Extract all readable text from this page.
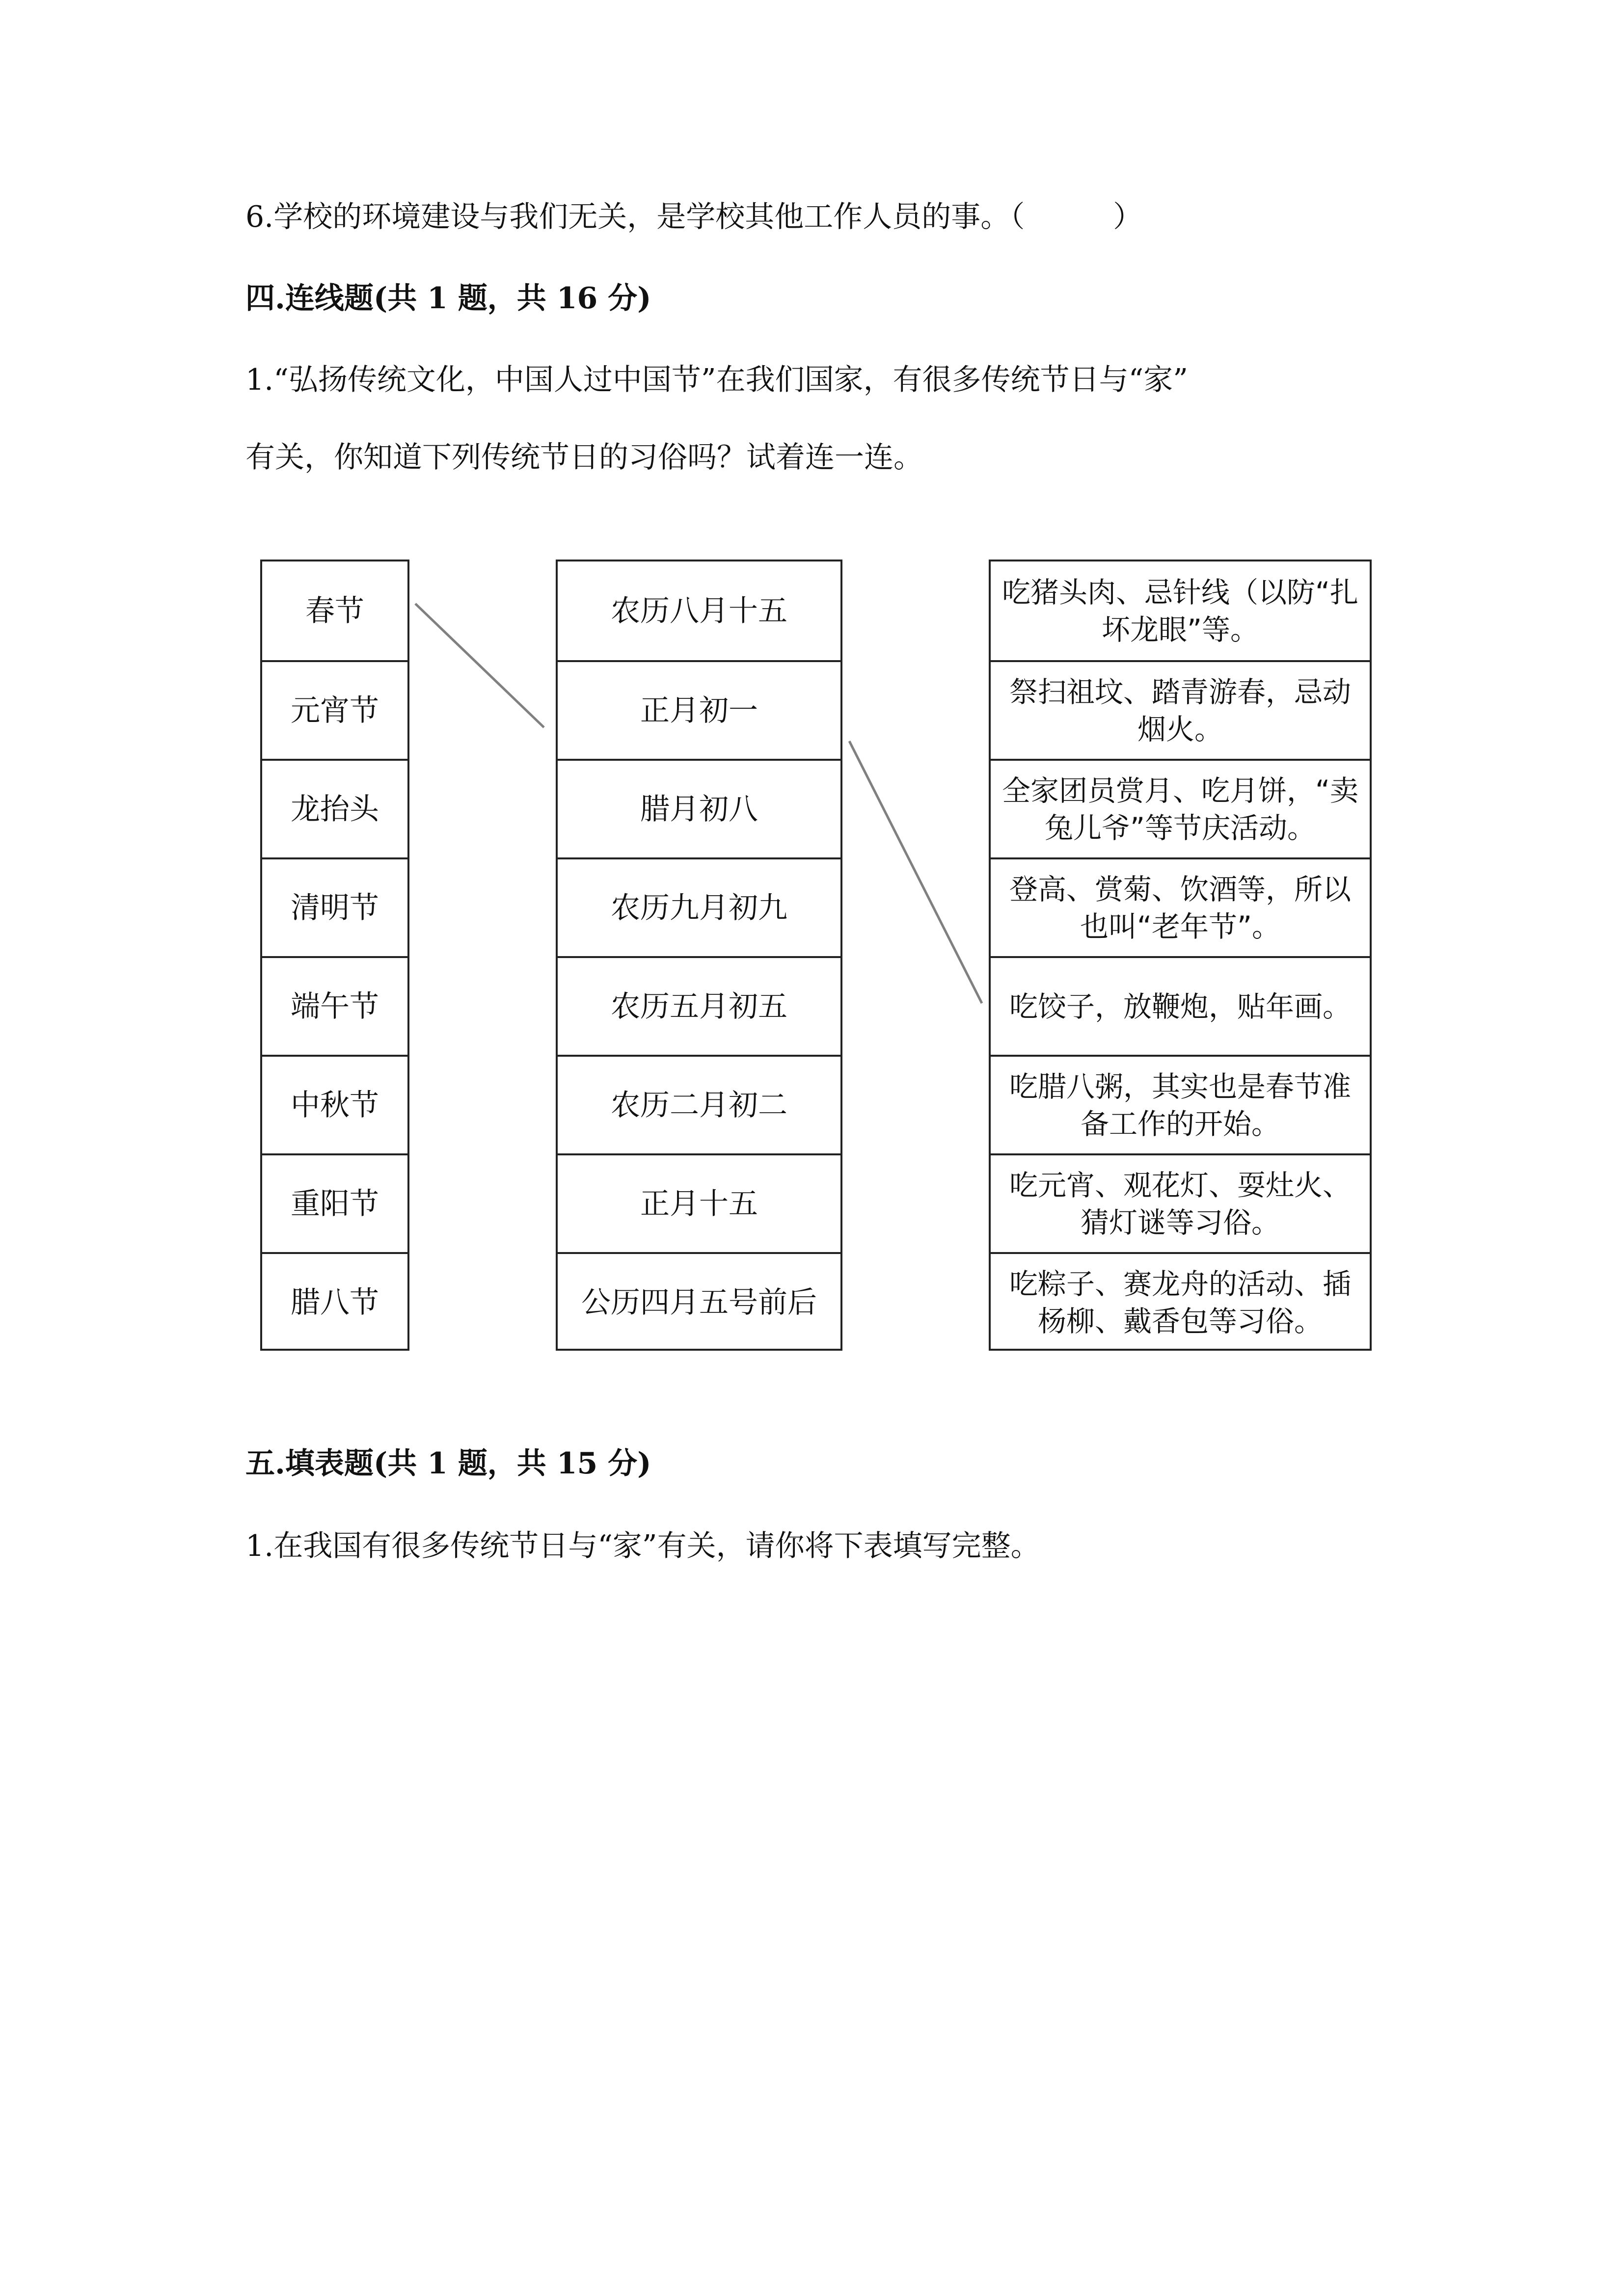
6.学校的环境建设与我们无关，是学校其他工作人员的事。（　　　）
四.连线题(共 1 题，共 16 分)
1.“弘扬传统文化，中国人过中国节”在我们国家，有很多传统节日与“家”
有关，你知道下列传统节日的习俗吗？试着连一连。
春节
元宵节
龙抬头
清明节
端午节
中秋节
重阳节
腊八节
农历八月十五
正月初一
腊月初八
农历九月初九
农历五月初五
农历二月初二
正月十五
公历四月五号前后
吃猪头肉、忌针线（以防“扎坏龙眼”等。
祭扫祖坟、踏青游春，忌动烟火。
全家团员赏月、吃月饼，“卖兔儿爷”等节庆活动。
登高、赏菊、饮酒等，所以也叫“老年节”。
吃饺子，放鞭炮，贴年画。
吃腊八粥，其实也是春节准备工作的开始。
吃元宵、观花灯、耍灶火、猜灯谜等习俗。
吃粽子、赛龙舟的活动、插杨柳、戴香包等习俗。
五.填表题(共 1 题，共 15 分)
1.在我国有很多传统节日与“家”有关，请你将下表填写完整。
